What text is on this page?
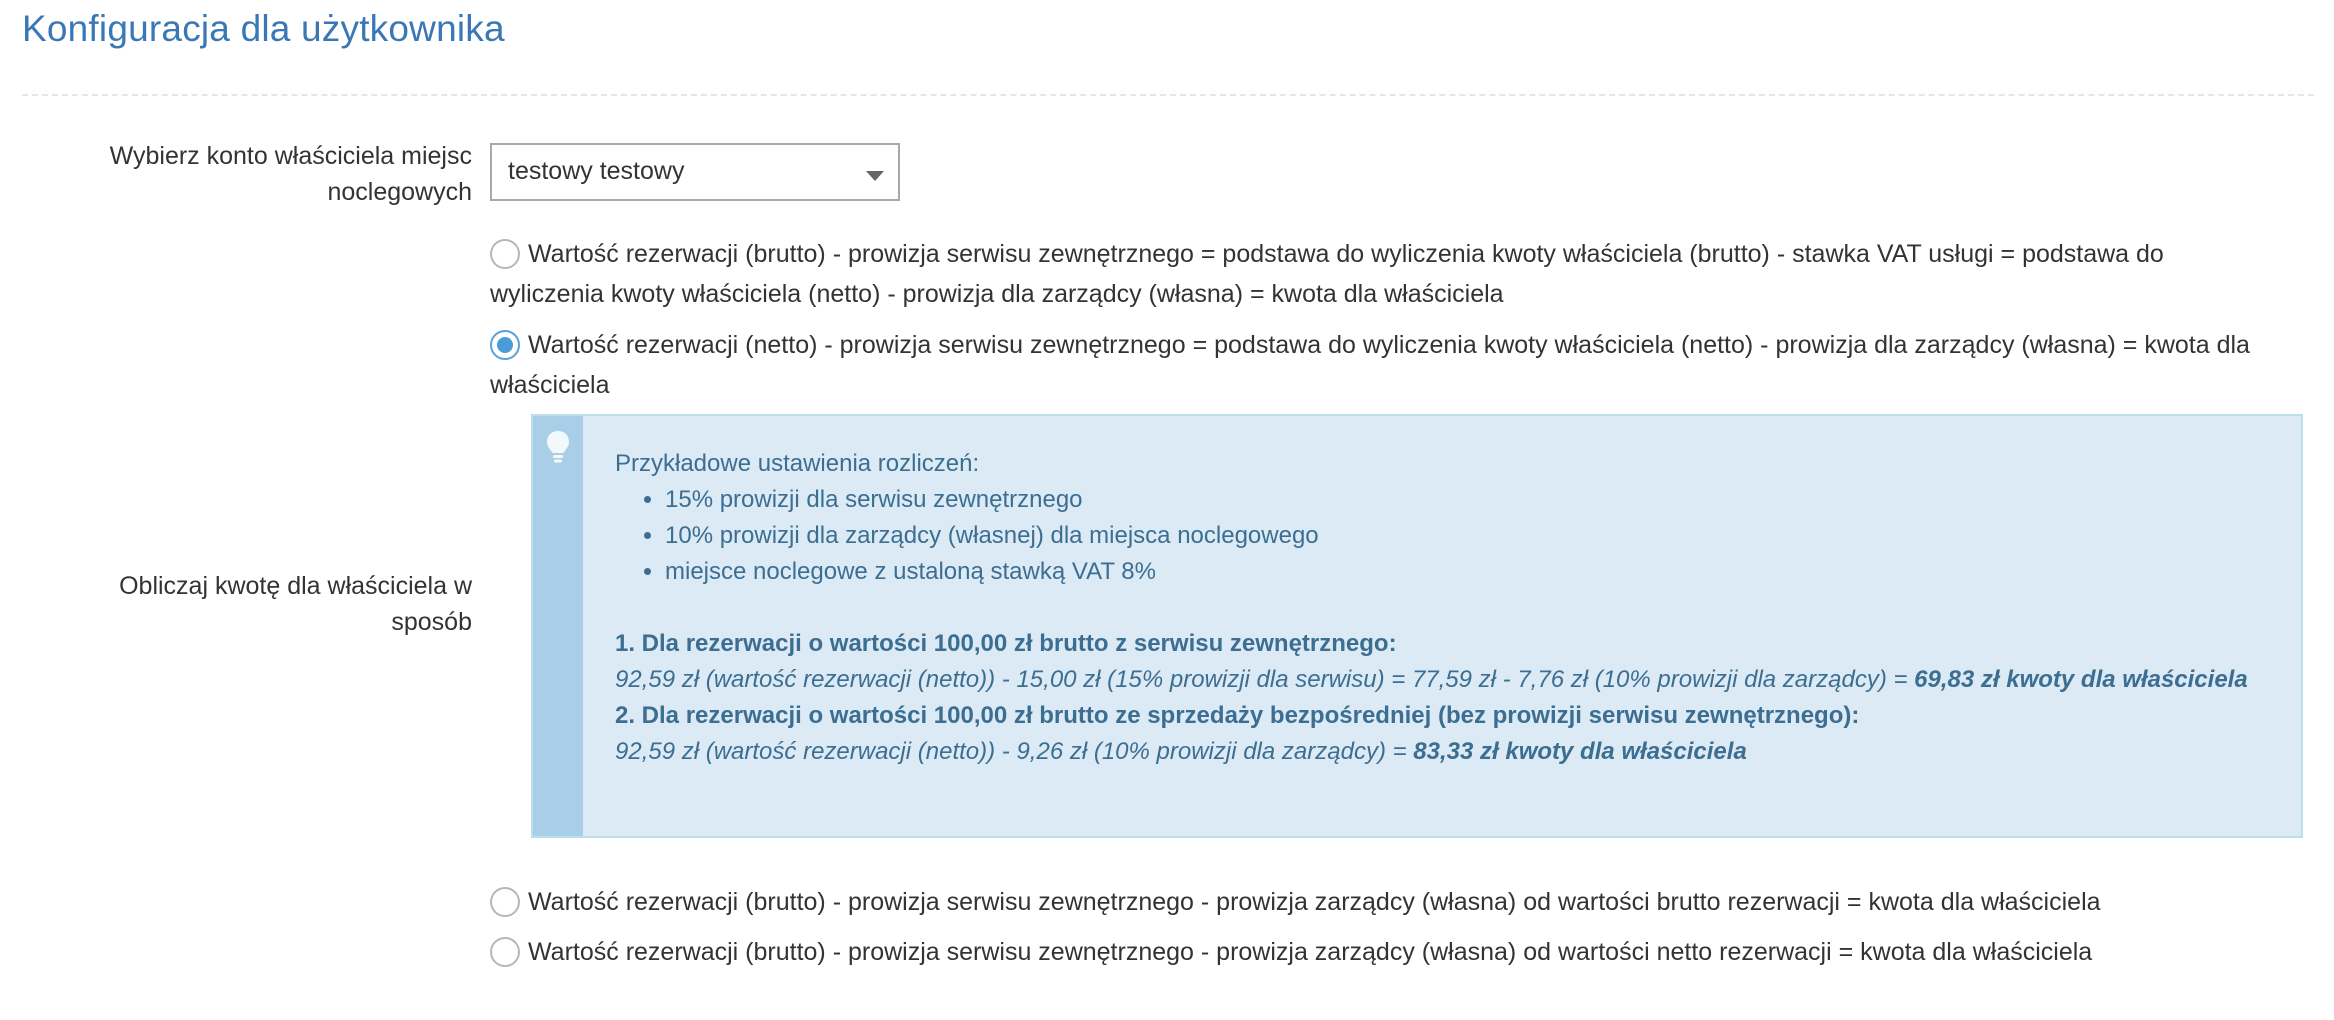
Konfiguracja dla użytkownika
Wybierz konto właściciela miejsc noclegowych
testowy testowy
Wartość rezerwacji (brutto) - prowizja serwisu zewnętrznego = podstawa do wyliczenia kwoty właściciela (brutto) - stawka VAT usługi = podstawa do wyliczenia kwoty właściciela (netto) - prowizja dla zarządcy (własna) = kwota dla właściciela
Wartość rezerwacji (netto) - prowizja serwisu zewnętrznego = podstawa do wyliczenia kwoty właściciela (netto) - prowizja dla zarządcy (własna) = kwota dla właściciela
Obliczaj kwotę dla właściciela w sposób
Przykładowe ustawienia rozliczeń:
• 15% prowizji dla serwisu zewnętrznego
• 10% prowizji dla zarządcy (własnej) dla miejsca noclegowego
• miejsce noclegowe z ustaloną stawką VAT 8%
1. Dla rezerwacji o wartości 100,00 zł brutto z serwisu zewnętrznego:
92,59 zł (wartość rezerwacji (netto)) - 15,00 zł (15% prowizji dla serwisu) = 77,59 zł - 7,76 zł (10% prowizji dla zarządcy) = 69,83 zł kwoty dla właściciela
2. Dla rezerwacji o wartości 100,00 zł brutto ze sprzedaży bezpośredniej (bez prowizji serwisu zewnętrznego):
92,59 zł (wartość rezerwacji (netto)) - 9,26 zł (10% prowizji dla zarządcy) = 83,33 zł kwoty dla właściciela
Wartość rezerwacji (brutto) - prowizja serwisu zewnętrznego - prowizja zarządcy (własna) od wartości brutto rezerwacji = kwota dla właściciela
Wartość rezerwacji (brutto) - prowizja serwisu zewnętrznego - prowizja zarządcy (własna) od wartości netto rezerwacji = kwota dla właściciela
